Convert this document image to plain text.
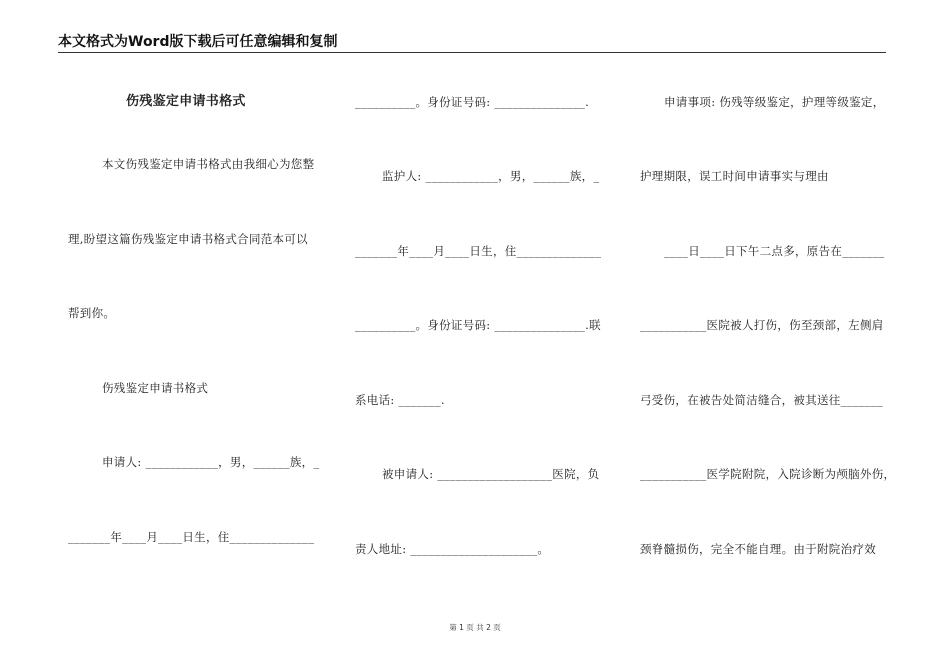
本文格式为Word版下载后可任意编辑和复制
伤残鉴定申请书格式
本文伤残鉴定申请书格式由我细心为您整
理,盼望这篇伤残鉴定申请书格式合同范本可以
帮到你。
伤残鉴定申请书格式
申请人: ____________，男，______族，_
_______年____月____日生，住______________
__________。身份证号码: _______________.
监护人: ____________，男，______族，_
_______年____月____日生，住______________
__________。身份证号码: _______________.联
系电话: _______.
被申请人: ___________________医院，负
责人地址: _____________________。
申请事项: 伤残等级鉴定，护理等级鉴定，
护理期限，误工时间申请事实与理由
____日____日下午二点多，原告在_______
___________医院被人打伤，伤至颈部，左侧肩
弓受伤，在被告处简洁缝合，被其送往_______
___________医学院附院，入院诊断为颅脑外伤，
颈脊髓损伤，完全不能自理。由于附院治疗效
第 1 页 共 2 页
